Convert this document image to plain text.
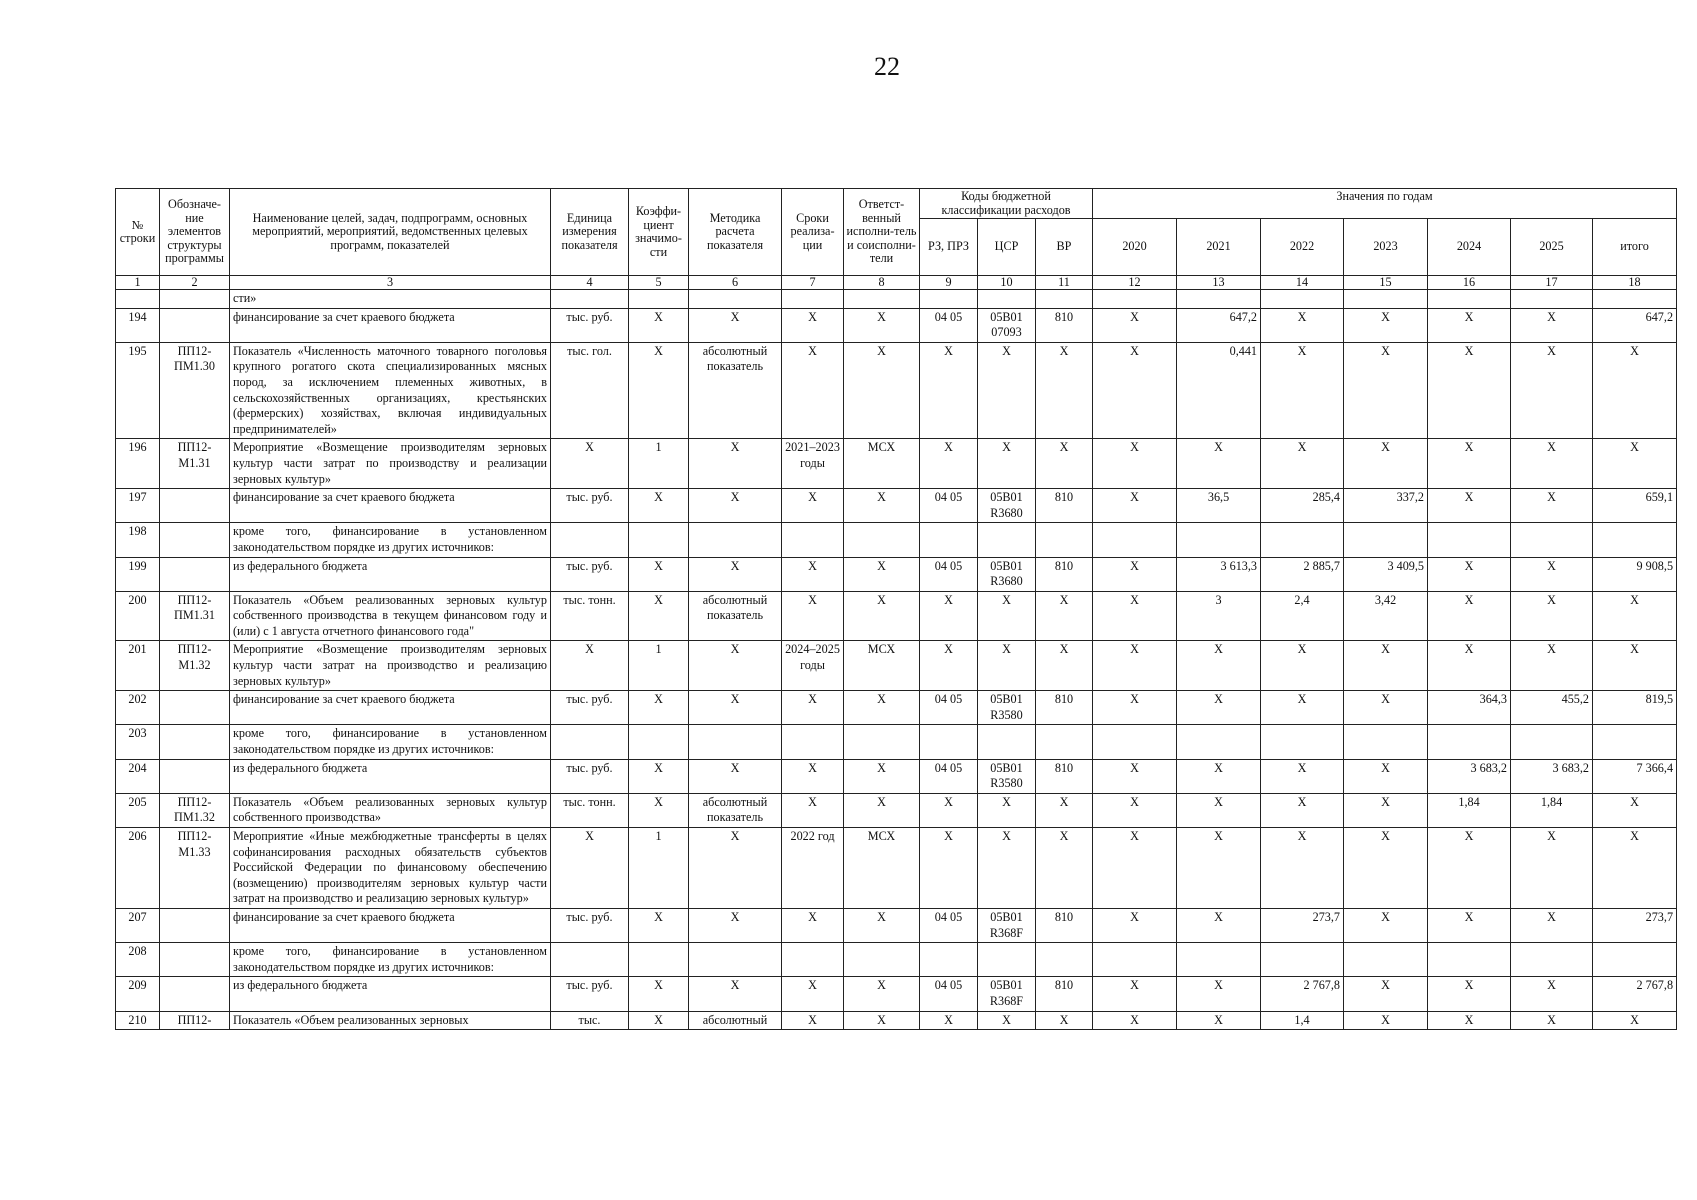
22
№ строки	Обозначе-ние элементов структуры программы	Наименование целей, задач, подпрограмм, основных мероприятий, мероприятий, ведомственных целевых программ, показателей	Единица измерения показателя	Коэффи-циент значимо-сти	Методика расчета показателя	Сроки реализа-ции	Ответст-венный исполни-тель и соисполни-тели	Коды бюджетной классификации расходов			Значения по годам						
								РЗ, ПРЗ	ЦСР	ВР	2020	2021	2022	2023	2024	2025	итого
1	2	3	4	5	6	7	8	9	10	11	12	13	14	15	16	17	18
		сти»															
194		финансирование за счет краевого бюджета	тыс. руб.	Х	Х	Х	Х	04 05	05В01 07093	810	Х	647,2	Х	Х	Х	Х	647,2
195	ПП12-ПМ1.30	Показатель «Численность маточного товарного поголовья крупного рогатого скота специализированных мясных пород, за исключением племенных животных, в сельскохозяйственных организациях, крестьянских (фермерских) хозяйствах, включая индивидуальных предпринимателей»	тыс. гол.	Х	абсолютный показатель	Х	Х	Х	Х	Х	Х	0,441	Х	Х	Х	Х	Х
196	ПП12-М1.31	Мероприятие «Возмещение производителям зерновых культур части затрат по производству и реализации зерновых культур»	Х	1	Х	2021–2023 годы	МСХ	Х	Х	Х	Х	Х	Х	Х	Х	Х	Х
197		финансирование за счет краевого бюджета	тыс. руб.	Х	Х	Х	Х	04 05	05В01 R3680	810	Х	36,5	285,4	337,2	Х	Х	659,1
198		кроме того, финансирование в установленном законодательством порядке из других источников:															
199		из федерального бюджета	тыс. руб.	Х	Х	Х	Х	04 05	05В01 R3680	810	Х	3 613,3	2 885,7	3 409,5	Х	Х	9 908,5
200	ПП12-ПМ1.31	Показатель «Объем реализованных зерновых культур собственного производства в текущем финансовом году и (или) с 1 августа отчетного финансового года"	тыс. тонн.	Х	абсолютный показатель	Х	Х	Х	Х	Х	Х	3	2,4	3,42	Х	Х	Х
201	ПП12-М1.32	Мероприятие «Возмещение производителям зерновых культур части затрат на производство и реализацию зерновых культур»	Х	1	Х	2024–2025 годы	МСХ	Х	Х	Х	Х	Х	Х	Х	Х	Х	Х
202		финансирование за счет краевого бюджета	тыс. руб.	Х	Х	Х	Х	04 05	05В01 R3580	810	Х	Х	Х	Х	364,3	455,2	819,5
203		кроме того, финансирование в установленном законодательством порядке из других источников:															
204		из федерального бюджета	тыс. руб.	Х	Х	Х	Х	04 05	05В01 R3580	810	Х	Х	Х	Х	3 683,2	3 683,2	7 366,4
205	ПП12-ПМ1.32	Показатель «Объем реализованных зерновых культур собственного производства»	тыс. тонн.	Х	абсолютный показатель	Х	Х	Х	Х	Х	Х	Х	Х	Х	1,84	1,84	Х
206	ПП12-М1.33	Мероприятие «Иные межбюджетные трансферты в целях софинансирования расходных обязательств субъектов Российской Федерации по финансовому обеспечению (возмещению) производителям зерновых культур части затрат на производство и реализацию зерновых культур»	Х	1	Х	2022 год	МСХ	Х	Х	Х	Х	Х	Х	Х	Х	Х	Х
207		финансирование за счет краевого бюджета	тыс. руб.	Х	Х	Х	Х	04 05	05В01 R368F	810	Х	Х	273,7	Х	Х	Х	273,7
208		кроме того, финансирование в установленном законодательством порядке из других источников:															
209		из федерального бюджета	тыс. руб.	Х	Х	Х	Х	04 05	05В01 R368F	810	Х	Х	2 767,8	Х	Х	Х	2 767,8
210	ПП12-	Показатель «Объем реализованных зерновых	тыс.	Х	абсолютный	Х	Х	Х	Х	Х	Х	Х	1,4	Х	Х	Х	Х
